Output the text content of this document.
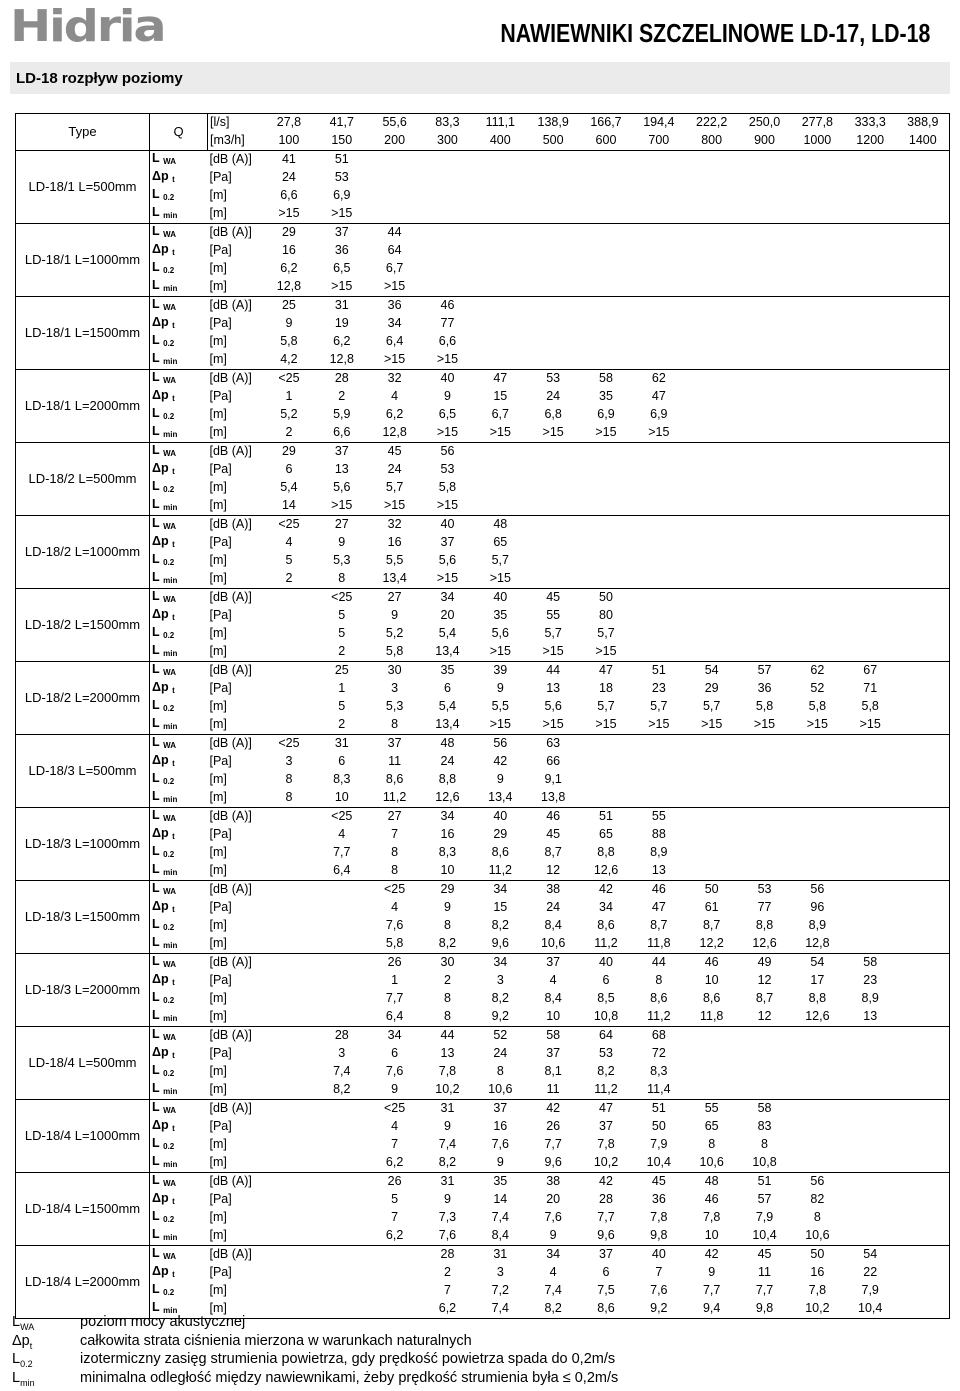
Hidria	NAWIEWNIKI SZCZELINOWE LD-17, LD-18
LD-18 rozpływ poziomy
Type	Q	[l/s]	27,8	41,7	55,6	83,3	111,1	138,9	166,7	194,4	222,2	250,0	277,8	333,3	388,9
		[m3/h]	100	150	200	300	400	500	600	700	800	900	1000	1200	1400
LD-18/1 L=500mm	L $_{WA}$	[dB (A)]	41	51											
	Δp $_t$	[Pa]	24	53											
	L $_{0.2}$	[m]	6,6	6,9											
	L $_{min}$	[m]	>15	>15											
LD-18/1 L=1000mm	L $_{WA}$	[dB (A)]	29	37	44										
	Δp $_t$	[Pa]	16	36	64										
	L $_{0.2}$	[m]	6,2	6,5	6,7										
	L $_{min}$	[m]	12,8	>15	>15										
LD-18/1 L=1500mm	L $_{WA}$	[dB (A)]	25	31	36	46									
	Δp $_t$	[Pa]	9	19	34	77									
	L $_{0.2}$	[m]	5,8	6,2	6,4	6,6									
	L $_{min}$	[m]	4,2	12,8	>15	>15									
LD-18/1 L=2000mm	L $_{WA}$	[dB (A)]	<25	28	32	40	47	53	58	62					
	Δp $_t$	[Pa]	1	2	4	9	15	24	35	47					
	L $_{0.2}$	[m]	5,2	5,9	6,2	6,5	6,7	6,8	6,9	6,9					
	L $_{min}$	[m]	2	6,6	12,8	>15	>15	>15	>15	>15					
LD-18/2 L=500mm	L $_{WA}$	[dB (A)]	29	37	45	56									
	Δp $_t$	[Pa]	6	13	24	53									
	L $_{0.2}$	[m]	5,4	5,6	5,7	5,8									
	L $_{min}$	[m]	14	>15	>15	>15									
LD-18/2 L=1000mm	L $_{WA}$	[dB (A)]	<25	27	32	40	48								
	Δp $_t$	[Pa]	4	9	16	37	65								
	L $_{0.2}$	[m]	5	5,3	5,5	5,6	5,7								
	L $_{min}$	[m]	2	8	13,4	>15	>15								
LD-18/2 L=1500mm	L $_{WA}$	[dB (A)]		<25	27	34	40	45	50						
	Δp $_t$	[Pa]		5	9	20	35	55	80						
	L $_{0.2}$	[m]		5	5,2	5,4	5,6	5,7	5,7						
	L $_{min}$	[m]		2	5,8	13,4	>15	>15	>15						
LD-18/2 L=2000mm	L $_{WA}$	[dB (A)]		25	30	35	39	44	47	51	54	57	62	67	
	Δp $_t$	[Pa]		1	3	6	9	13	18	23	29	36	52	71	
	L $_{0.2}$	[m]		5	5,3	5,4	5,5	5,6	5,7	5,7	5,7	5,8	5,8	5,8	
	L $_{min}$	[m]		2	8	13,4	>15	>15	>15	>15	>15	>15	>15	>15	
LD-18/3 L=500mm	L $_{WA}$	[dB (A)]	<25	31	37	48	56	63							
	Δp $_t$	[Pa]	3	6	11	24	42	66							
	L $_{0.2}$	[m]	8	8,3	8,6	8,8	9	9,1							
	L $_{min}$	[m]	8	10	11,2	12,6	13,4	13,8							
LD-18/3 L=1000mm	L $_{WA}$	[dB (A)]		<25	27	34	40	46	51	55					
	Δp $_t$	[Pa]		4	7	16	29	45	65	88					
	L $_{0.2}$	[m]		7,7	8	8,3	8,6	8,7	8,8	8,9					
	L $_{min}$	[m]		6,4	8	10	11,2	12	12,6	13					
LD-18/3 L=1500mm	L $_{WA}$	[dB (A)]			<25	29	34	38	42	46	50	53	56		
	Δp $_t$	[Pa]			4	9	15	24	34	47	61	77	96		
	L $_{0.2}$	[m]			7,6	8	8,2	8,4	8,6	8,7	8,7	8,8	8,9		
	L $_{min}$	[m]			5,8	8,2	9,6	10,6	11,2	11,8	12,2	12,6	12,8		
LD-18/3 L=2000mm	L $_{WA}$	[dB (A)]			26	30	34	37	40	44	46	49	54	58	
	Δp $_t$	[Pa]			1	2	3	4	6	8	10	12	17	23	
	L $_{0.2}$	[m]			7,7	8	8,2	8,4	8,5	8,6	8,6	8,7	8,8	8,9	
	L $_{min}$	[m]			6,4	8	9,2	10	10,8	11,2	11,8	12	12,6	13	
LD-18/4 L=500mm	L $_{WA}$	[dB (A)]		28	34	44	52	58	64	68					
	Δp $_t$	[Pa]		3	6	13	24	37	53	72					
	L $_{0.2}$	[m]		7,4	7,6	7,8	8	8,1	8,2	8,3					
	L $_{min}$	[m]		8,2	9	10,2	10,6	11	11,2	11,4					
LD-18/4 L=1000mm	L $_{WA}$	[dB (A)]			<25	31	37	42	47	51	55	58			
	Δp $_t$	[Pa]			4	9	16	26	37	50	65	83			
	L $_{0.2}$	[m]			7	7,4	7,6	7,7	7,8	7,9	8	8			
	L $_{min}$	[m]			6,2	8,2	9	9,6	10,2	10,4	10,6	10,8			
LD-18/4 L=1500mm	L $_{WA}$	[dB (A)]			26	31	35	38	42	45	48	51	56		
	Δp $_t$	[Pa]			5	9	14	20	28	36	46	57	82		
	L $_{0.2}$	[m]			7	7,3	7,4	7,6	7,7	7,8	7,8	7,9	8		
	L $_{min}$	[m]			6,2	7,6	8,4	9	9,6	9,8	10	10,4	10,6		
LD-18/4 L=2000mm	L $_{WA}$	[dB (A)]				28	31	34	37	40	42	45	50	54	
	Δp $_t$	[Pa]				2	3	4	6	7	9	11	16	22	
	L $_{0.2}$	[m]				7	7,2	7,4	7,5	7,6	7,7	7,7	7,8	7,9	
	L $_{min}$	[m]				6,2	7,4	8,2	8,6	9,2	9,4	9,8	10,2	10,4	
$L_{WA}$	poziom mocy akustycznej
$\Delta p_t$	całkowita strata ciśnienia mierzona w warunkach naturalnych
$L_{0.2}$	izotermiczny zasięg strumienia powietrza, gdy prędkość powietrza spada do 0,2m/s
$L_{min}$	minimalna odległość między nawiewnikami, żeby prędkość strumienia była ≤ 0,2m/s
